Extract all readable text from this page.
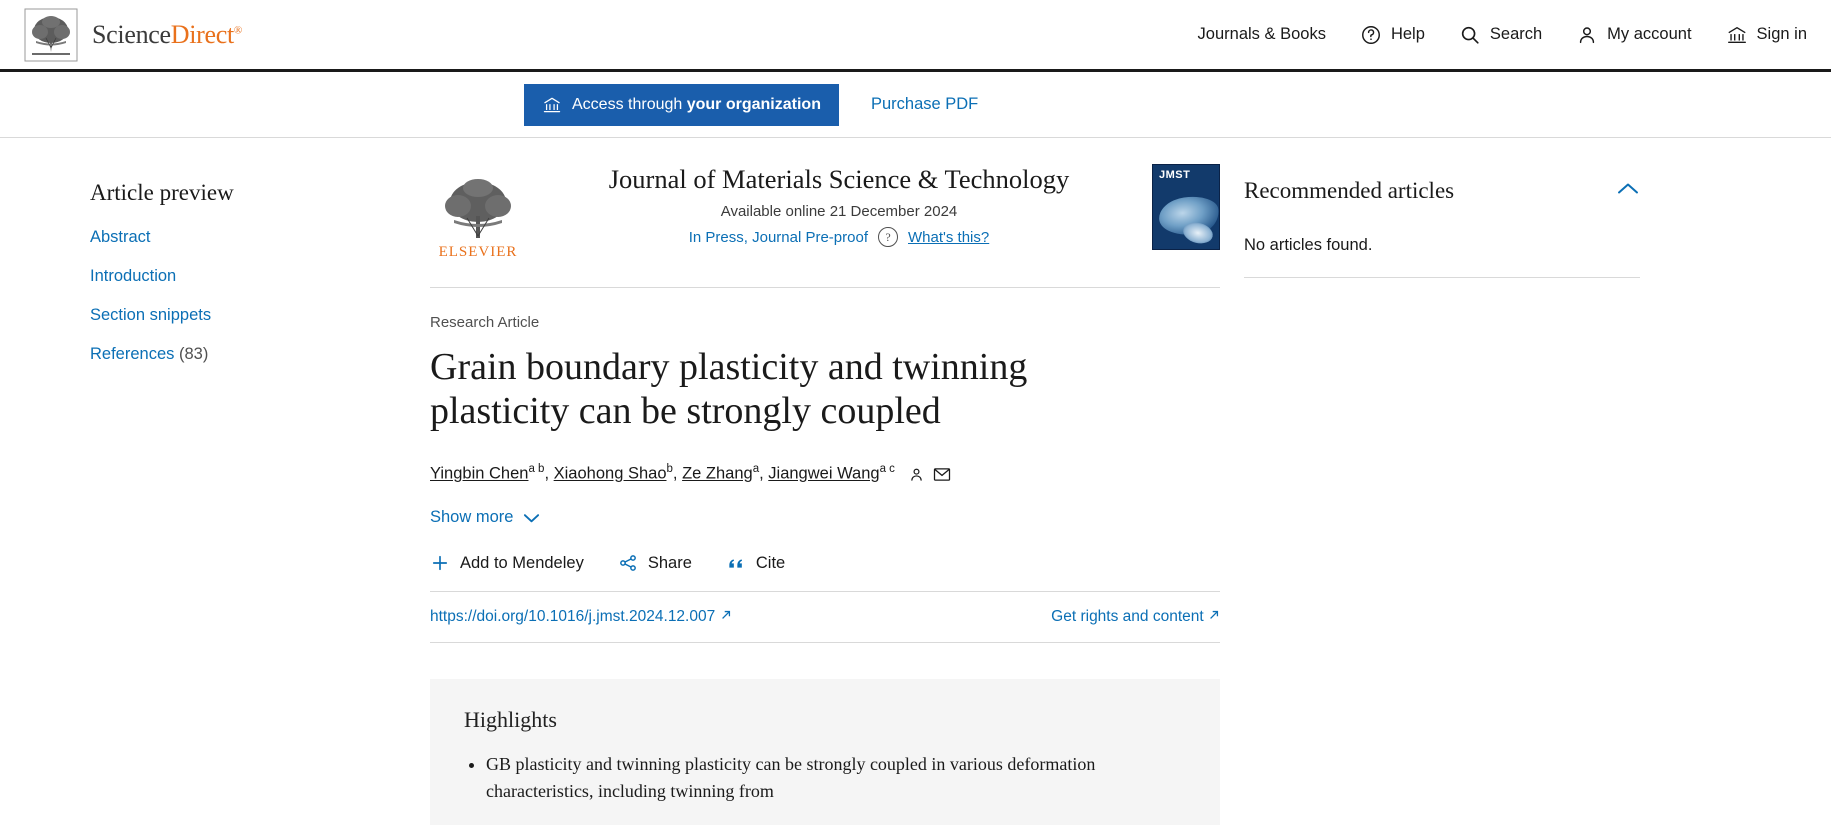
ScienceDirect®	Journals & Books	Help	Search	My account	Sign in
Access through your organization	Purchase PDF
Article preview
Abstract
Introduction
Section snippets
References (83)
ELSEVIER
Journal of Materials Science & Technology
Available online 21 December 2024
In Press, Journal Pre-proof	?	What's this?
JMST
Research Article
Grain boundary plasticity and twinning plasticity can be strongly coupled
Yingbin Chen$^{a b}$, Xiaohong Shao$^b$, Ze Zhang$^a$, Jiangwei Wang$^{a c}$
Show more
Add to Mendeley	Share	Cite
https://doi.org/10.1016/j.jmst.2024.12.007	Get rights and content
Highlights
• GB plasticity and twinning plasticity can be strongly coupled in various deformation characteristics, including twinning from
Recommended articles
No articles found.
